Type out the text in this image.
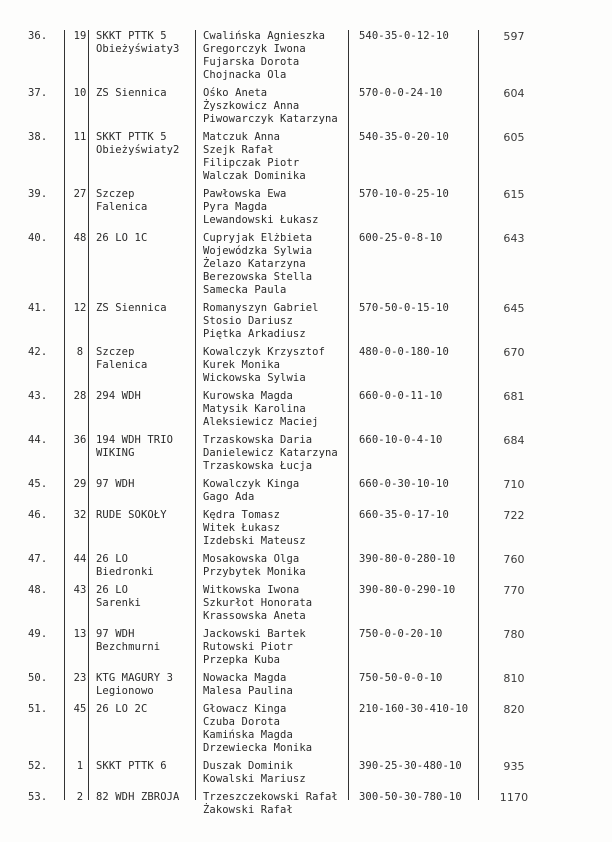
36.	19	SKKT PTTK 5
Obieżyświaty3	Cwalińska Agnieszka
Gregorczyk Iwona
Fujarska Dorota
Chojnacka Ola	540-35-0-12-10	597

37.	10	ZS Siennica	Ośko Aneta
Żyszkowicz Anna
Piwowarczyk Katarzyna	570-0-0-24-10	604

38.	11	SKKT PTTK 5
Obieżyświaty2	Matczuk Anna
Szejk Rafał
Filipczak Piotr
Walczak Dominika	540-35-0-20-10	605

39.	27	Szczep
Falenica	Pawłowska Ewa
Pyra Magda
Lewandowski Łukasz	570-10-0-25-10	615

40.	48	26 LO 1C	Cupryjak Elżbieta
Wojewódzka Sylwia
Żelazo Katarzyna
Berezowska Stella
Samecka Paula	600-25-0-8-10	643

41.	12	ZS Siennica	Romanyszyn Gabriel
Stosio Dariusz
Piętka Arkadiusz	570-50-0-15-10	645

42.	8	Szczep
Falenica	Kowalczyk Krzysztof
Kurek Monika
Wickowska Sylwia	480-0-0-180-10	670

43.	28	294 WDH	Kurowska Magda
Matysik Karolina
Aleksiewicz Maciej	660-0-0-11-10	681

44.	36	194 WDH TRIO
WIKING	Trzaskowska Daria
Danielewicz Katarzyna
Trzaskowska Łucja	660-10-0-4-10	684

45.	29	97 WDH	Kowalczyk Kinga
Gago Ada	660-0-30-10-10	710

46.	32	RUDE SOKOŁY	Kędra Tomasz
Witek Łukasz
Izdebski Mateusz	660-35-0-17-10	722

47.	44	26 LO
Biedronki	Mosakowska Olga
Przybytek Monika	390-80-0-280-10	760

48.	43	26 LO
Sarenki	Witkowska Iwona
Szkurłot Honorata
Krassowska Aneta	390-80-0-290-10	770

49.	13	97 WDH
Bezchmurni	Jackowski Bartek
Rutowski Piotr
Przepka Kuba	750-0-0-20-10	780

50.	23	KTG MAGURY 3
Legionowo	Nowacka Magda
Malesa Paulina	750-50-0-0-10	810

51.	45	26 LO 2C	Głowacz Kinga
Czuba Dorota
Kamińska Magda
Drzewiecka Monika	210-160-30-410-10	820

52.	1	SKKT PTTK 6	Duszak Dominik
Kowalski Mariusz	390-25-30-480-10	935

53.	2	82 WDH ZBROJA	Trzeszczekowski Rafał
Żakowski Rafał	300-50-30-780-10	1170
